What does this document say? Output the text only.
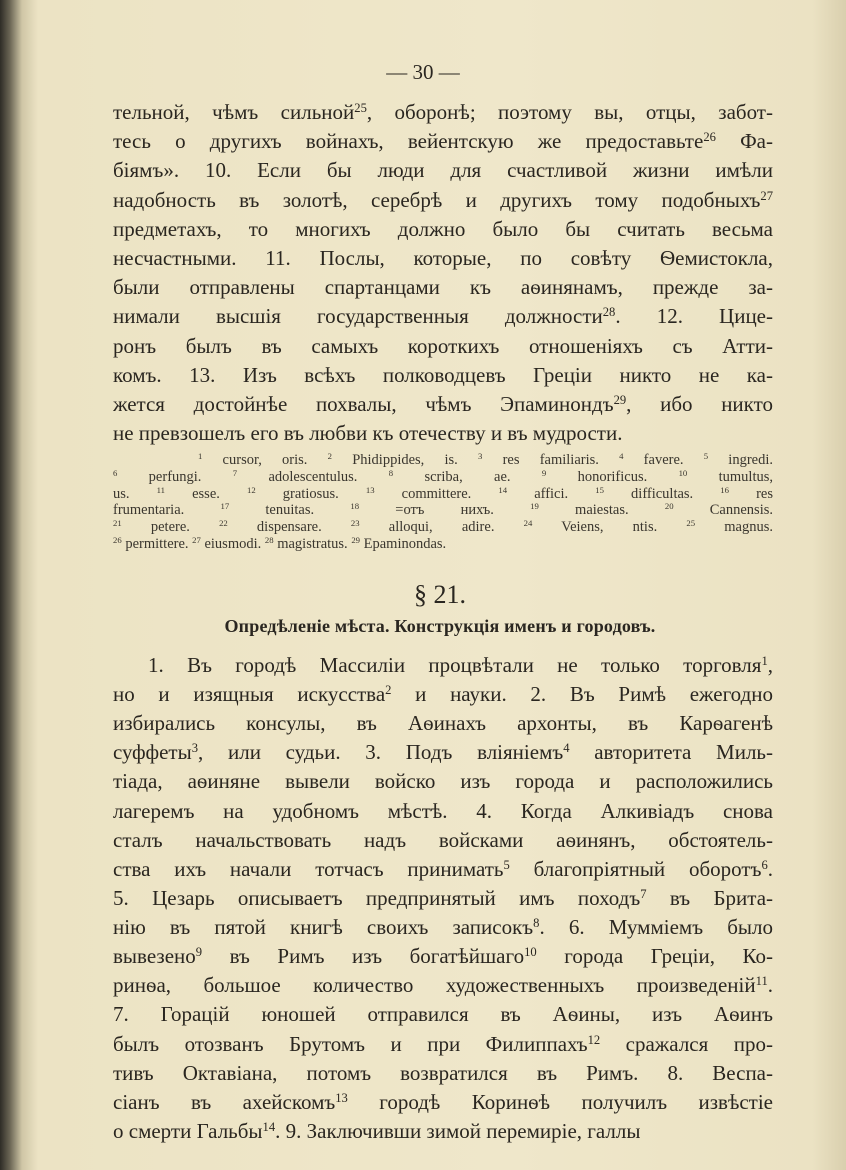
— 30 —
тельной, чѣмъ сильной$^{25}$, оборонѣ; поэтому вы, отцы, забот-
тесь о другихъ войнахъ, вейентскую же предоставьте$^{26}$ Фа-
біямъ». 10. Если бы люди для счастливой жизни имѣли
надобность въ золотѣ, серебрѣ и другихъ тому подобныхъ$^{27}$
предметахъ, то многихъ должно было бы считать весьма
несчастными. 11. Послы, которые, по совѣту Ѳемистокла,
были отправлены спартанцами къ аѳинянамъ, прежде за-
нимали высшія государственныя должности$^{28}$. 12. Цице-
ронъ былъ въ самыхъ короткихъ отношеніяхъ съ Атти-
комъ. 13. Изъ всѣхъ полководцевъ Греціи никто не ка-
жется достойнѣе похвалы, чѣмъ Эпаминондъ$^{29}$, ибо никто
не превзошелъ его въ любви къ отечеству и въ мудрости.
$^1$ cursor, oris. $^2$ Phidippides, is. $^3$ res familiaris. $^4$ favere. $^5$ ingredi.
$^6$ perfungi. $^7$ adolescentulus. $^8$ scriba, ae. $^9$ honorificus. $^{10}$ tumultus,
us. $^{11}$ esse. $^{12}$ gratiosus. $^{13}$ committere. $^{14}$ affici. $^{15}$ difficultas. $^{16}$ res
frumentaria. $^{17}$ tenuitas. $^{18}$ =отъ нихъ. $^{19}$ maiestas. $^{20}$ Cannensis.
$^{21}$ petere. $^{22}$ dispensare. $^{23}$ alloqui, adire. $^{24}$ Veiens, ntis. $^{25}$ magnus.
$^{26}$ permittere. $^{27}$ eiusmodi. $^{28}$ magistratus. $^{29}$ Epaminondas.
§ 21.
Опредѣленіе мѣста. Конструкція именъ и городовъ.
1. Въ городѣ Массиліи процвѣтали не только торговля$^1$,
но и изящныя искусства$^2$ и науки. 2. Въ Римѣ ежегодно
избирались консулы, въ Аѳинахъ архонты, въ Карѳагенѣ
суффеты$^3$, или судьи. 3. Подъ вліяніемъ$^4$ авторитета Миль-
тіада, аѳиняне вывели войско изъ города и расположились
лагеремъ на удобномъ мѣстѣ. 4. Когда Алкивіадъ снова
сталъ начальствовать надъ войсками аѳинянъ, обстоятель-
ства ихъ начали тотчасъ принимать$^5$ благопріятный оборотъ$^6$.
5. Цезарь описываетъ предпринятый имъ походъ$^7$ въ Брита-
нію въ пятой книгѣ своихъ записокъ$^8$. 6. Мумміемъ было
вывезено$^9$ въ Римъ изъ богатѣйшаго$^{10}$ города Греціи, Ко-
ринѳа, большое количество художественныхъ произведеній$^{11}$.
7. Горацій юношей отправился въ Аѳины, изъ Аѳинъ
былъ отозванъ Брутомъ и при Филиппахъ$^{12}$ сражался про-
тивъ Октавіана, потомъ возвратился въ Римъ. 8. Веспа-
сіанъ въ ахейскомъ$^{13}$ городѣ Коринѳѣ получилъ извѣстіе
о смерти Гальбы$^{14}$. 9. Заключивши зимой перемиріе, галлы
